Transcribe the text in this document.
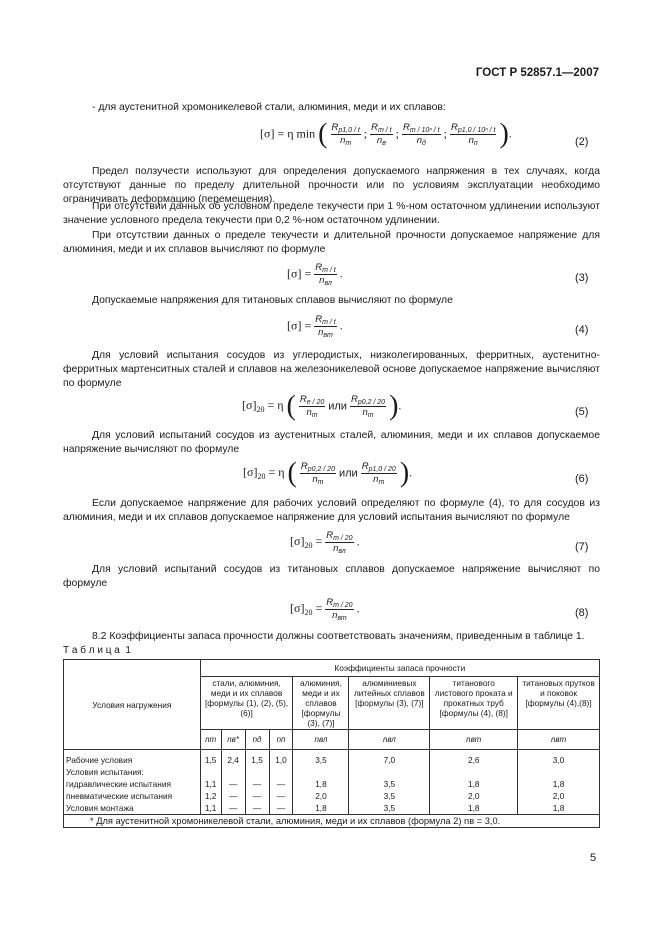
ГОСТ Р 52857.1—2007
- для аустенитной хромоникелевой стали, алюминия, меди и их сплавов:
[σ] = η min ( $\frac{R_{p1,0 / t}}{n_т}$ ; $\frac{R_{m / t}}{n_в}$ ; $\frac{R_{m / 10^n / t}}{n_д}$ ; $\frac{R_{p1,0 / 10^n / t}}{n_п}$ ).
(2)
Предел ползучести используют для определения допускаемого напряжения в тех случаях, когда отсутствуют данные по пределу длительной прочности или по условиям эксплуатации необходимо ограничивать деформацию (перемещения).
При отсутствии данных об условном пределе текучести при 1 %-ном остаточном удлинении используют значение условного предела текучести при 0,2 %-ном остаточном удлинении.
При отсутствии данных о пределе текучести и длительной прочности допускаемое напряжение для алюминия, меди и их сплавов вычисляют по формуле
$[\sigma] = \frac{R_{m / t}}{n_{вл}}$ .	(3)
Допускаемые напряжения для титановых сплавов вычисляют по формуле
$[\sigma] = \frac{R_{m / t}}{n_{вт}}$ .	(4)
Для условий испытания сосудов из углеродистых, низколегированных, ферритных, аустенитно-ферритных мартенситных сталей и сплавов на железоникелевой основе допускаемое напряжение вычисляют по формуле
$[\sigma]_{20} = \eta$ ( $\frac{R_{e / 20}}{n_т}$ или $\frac{R_{p0,2 / 20}}{n_т}$ ).	(5)
Для условий испытаний сосудов из аустенитных сталей, алюминия, меди и их сплавов допускаемое напряжение вычисляют по формуле
$[\sigma]_{20} = \eta$ ( $\frac{R_{p0,2 / 20}}{n_т}$ или $\frac{R_{p1,0 / 20}}{n_т}$ ).	(6)
Если допускаемое напряжение для рабочих условий определяют по формуле (4), то для сосудов из алюминия, меди и их сплавов допускаемое напряжение для условий испытания вычисляют по формуле
$[\sigma]_{20} = \frac{R_{m / 20}}{n_{вл}}$ .	(7)
Для условий испытаний сосудов из титановых сплавов допускаемое напряжение вычисляют по формуле
$[\sigma]_{20} = \frac{R_{m / 20}}{n_{вт}}$ .	(8)
8.2 Коэффициенты запаса прочности должны соответствовать значениям, приведенным в таблице 1.
Т а б л и ц а  1
Условия нагружения	Коэффициенты запаса прочности							
	стали, алюминия, меди и их сплавов [формулы (1), (2), (5), (6)]				алюминия, меди и их сплавов [формулы (3), (7)]	алюминиевых литейных сплавов [формулы (3), (7)]	титанового листового проката и прокатных труб [формулы (4), (8)]	титановых прутков и поковок [формулы (4),(8)]
	nт	nв*	nд	nп	nвл	nвл	nвт	nвт
Рабочие условия	1,5	2,4	1,5	1,0	3,5	7,0	2,6	3,0
Условия испытания:								
гидравлические испытания	1,1	—	—	—	1,8	3,5	1,8	1,8
пневматические испытания	1,2	—	—	—	2,0	3,5	2,0	2,0
Условия монтажа	1,1	—	—	—	1,8	3,5	1,8	1,8
* Для аустенитной хромоникелевой стали, алюминия, меди и их сплавов (формула 2) nв = 3,0.								
5
